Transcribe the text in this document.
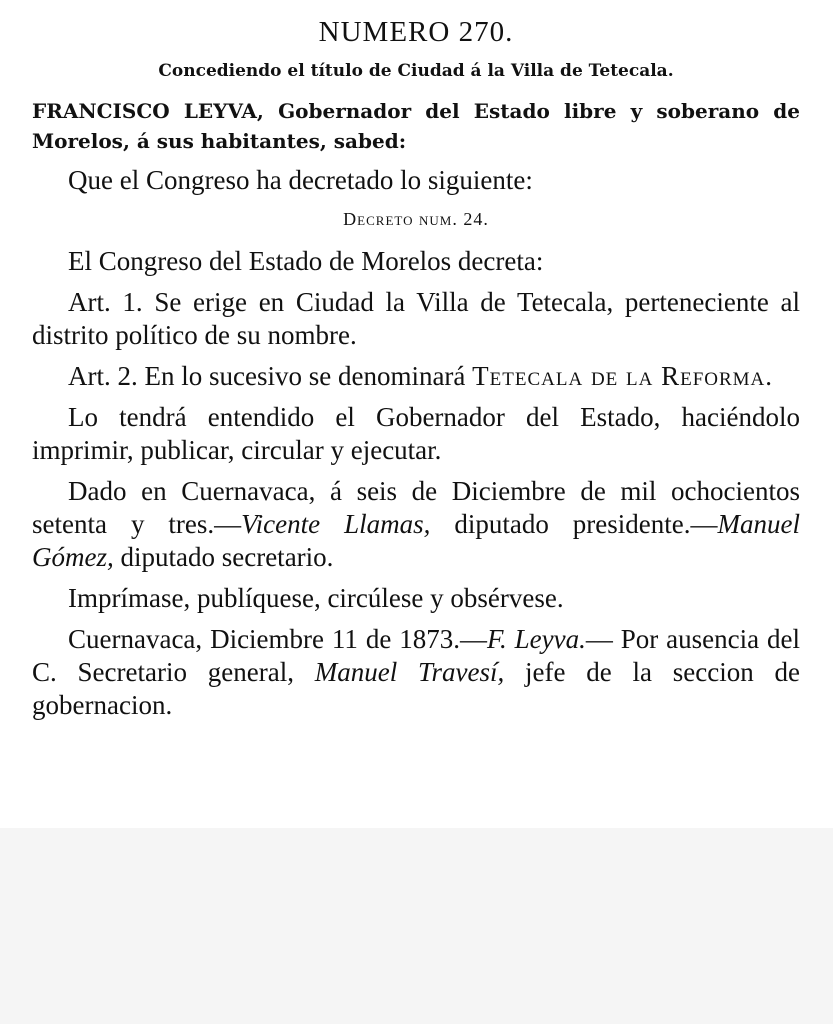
NUMERO 270.
Concediendo el título de Ciudad á la Villa de Tetecala.
FRANCISCO LEYVA, Gobernador del Estado libre y soberano de Morelos, á sus habitantes, sabed:
Que el Congreso ha decretado lo siguiente:
Decreto num. 24.
El Congreso del Estado de Morelos decreta:
Art. 1. Se erige en Ciudad la Villa de Tetecala, perteneciente al distrito político de su nombre.
Art. 2. En lo sucesivo se denominará Tetecala de la Reforma.
Lo tendrá entendido el Gobernador del Estado, haciéndolo imprimir, publicar, circular y ejecutar.
Dado en Cuernavaca, á seis de Diciembre de mil ochocientos setenta y tres.—Vicente Llamas, diputado presidente.—Manuel Gómez, diputado secretario.
Imprímase, publíquese, circúlese y obsérvese.
Cuernavaca, Diciembre 11 de 1873.—F. Leyva.— Por ausencia del C. Secretario general, Manuel Travesí, jefe de la seccion de gobernacion.
